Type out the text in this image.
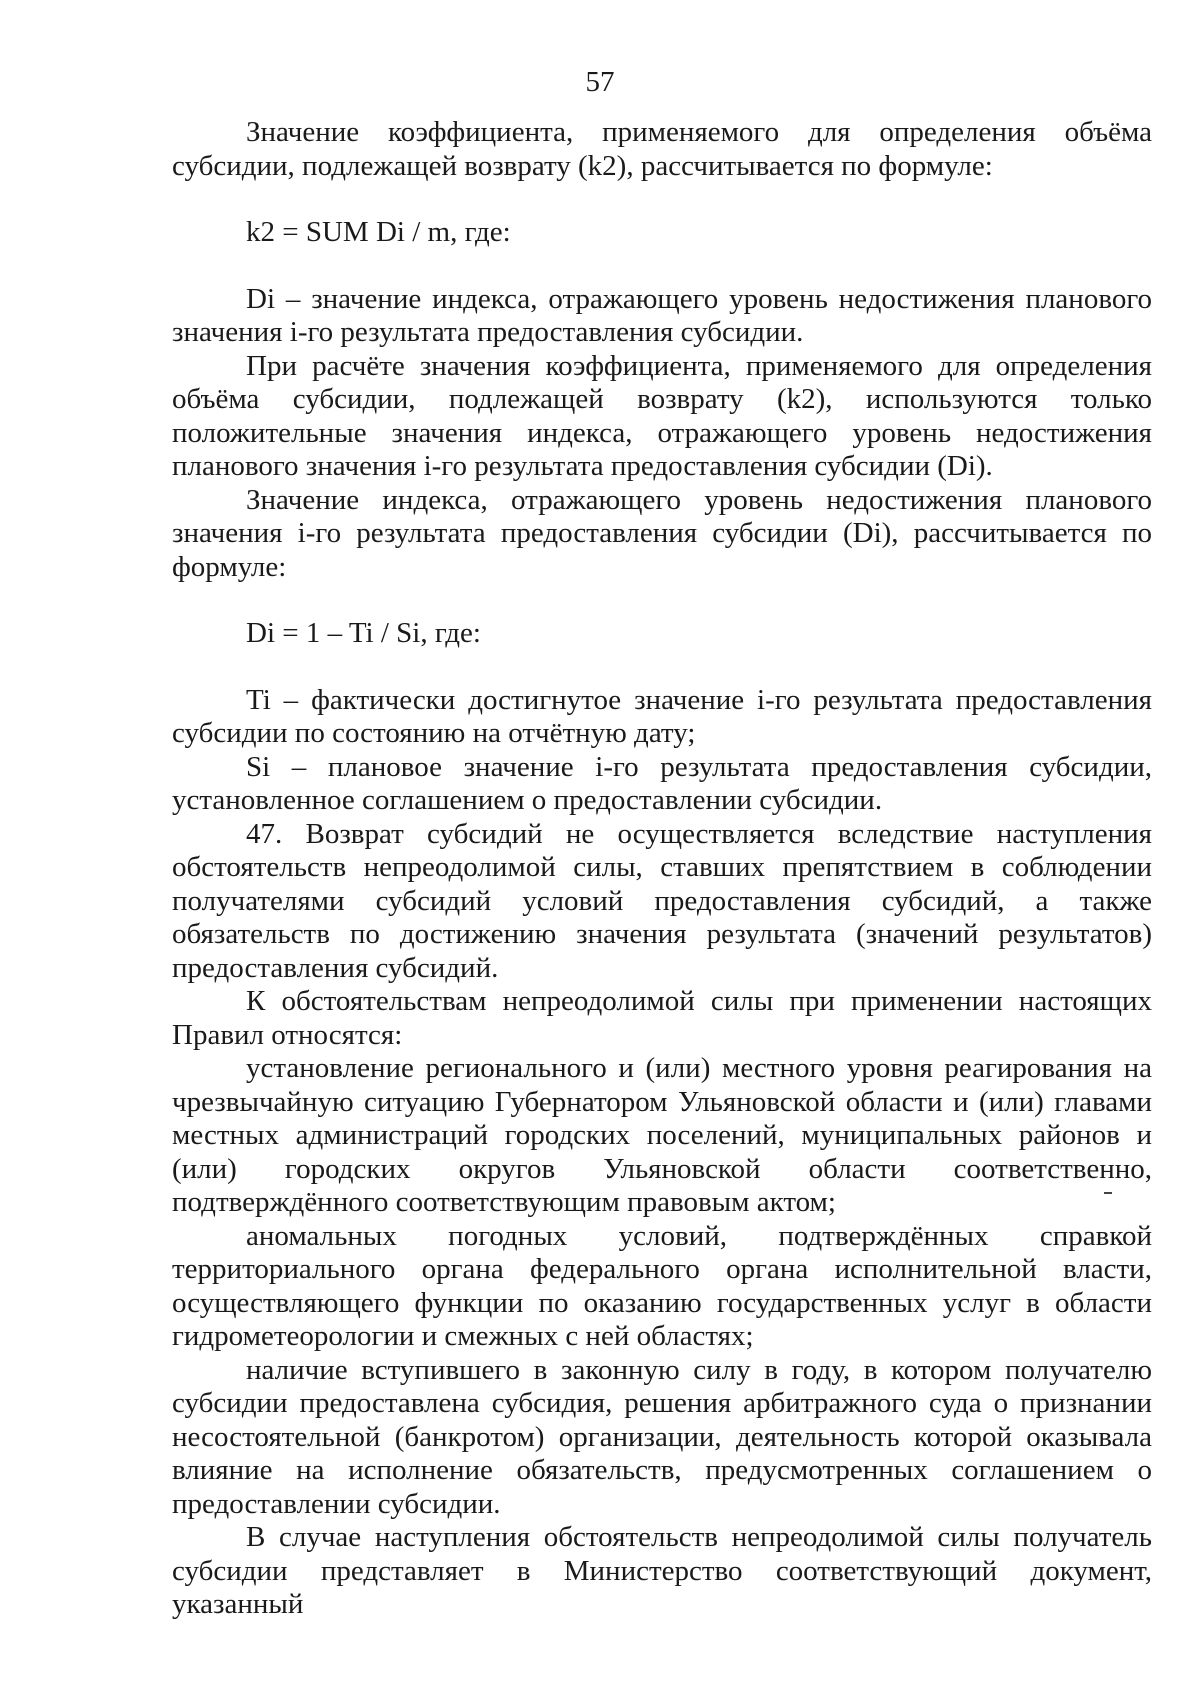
57

Значение коэффициента, применяемого для определения объёма субсидии, подлежащей возврату (k2), рассчитывается по формуле:

k2 = SUM Di / m, где:

Di – значение индекса, отражающего уровень недостижения планового значения i-го результата предоставления субсидии.

При расчёте значения коэффициента, применяемого для определения объёма субсидии, подлежащей возврату (k2), используются только положительные значения индекса, отражающего уровень недостижения планового значения i-го результата предоставления субсидии (Di).

Значение индекса, отражающего уровень недостижения планового значения i-го результата предоставления субсидии (Di), рассчитывается по формуле:

Di = 1 – Ti / Si, где:

Ti – фактически достигнутое значение i-го результата предоставления субсидии по состоянию на отчётную дату;

Si – плановое значение i-го результата предоставления субсидии, установленное соглашением о предоставлении субсидии.

47. Возврат субсидий не осуществляется вследствие наступления обстоятельств непреодолимой силы, ставших препятствием в соблюдении получателями субсидий условий предоставления субсидий, а также обязательств по достижению значения результата (значений результатов) предоставления субсидий.

К обстоятельствам непреодолимой силы при применении настоящих Правил относятся:

установление регионального и (или) местного уровня реагирования на чрезвычайную ситуацию Губернатором Ульяновской области и (или) главами местных администраций городских поселений, муниципальных районов и (или) городских округов Ульяновской области соответственно, подтверждённого соответствующим правовым актом;

аномальных погодных условий, подтверждённых справкой территориального органа федерального органа исполнительной власти, осуществляющего функции по оказанию государственных услуг в области гидрометеорологии и смежных с ней областях;

наличие вступившего в законную силу в году, в котором получателю субсидии предоставлена субсидия, решения арбитражного суда о признании несостоятельной (банкротом) организации, деятельность которой оказывала влияние на исполнение обязательств, предусмотренных соглашением о предоставлении субсидии.

В случае наступления обстоятельств непреодолимой силы получатель субсидии представляет в Министерство соответствующий документ, указанный
